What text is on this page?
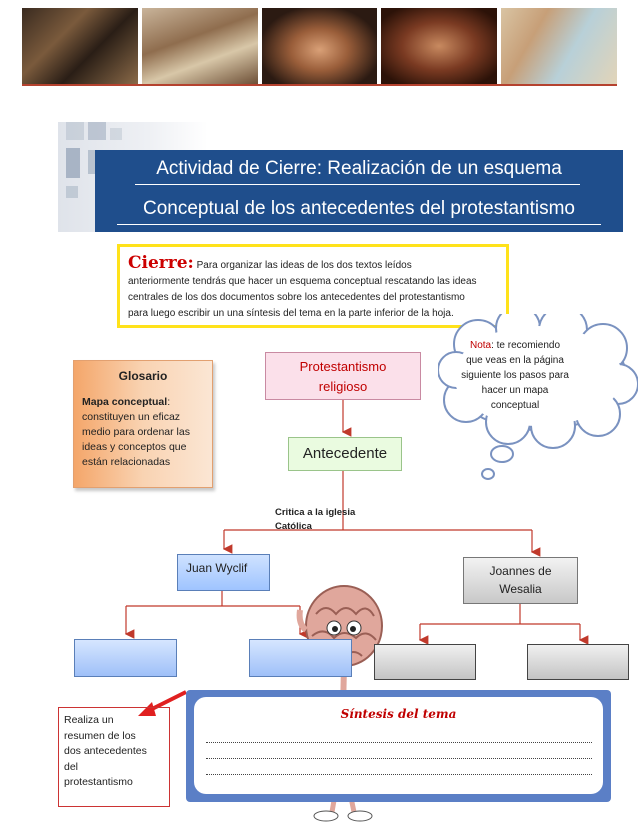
Actividad de Cierre: Realización de un esquema
Conceptual de los antecedentes del protestantismo
Cierre: Para organizar las ideas de los dos textos leídos
anteriormente tendrás que hacer un esquema conceptual rescatando las ideas
centrales de los dos documentos sobre los antecedentes del protestantismo
para luego escribir un una síntesis del tema en la parte inferior de la hoja.
Nota: te recomiendo
que veas en la página
siguiente los pasos para
hacer un mapa
conceptual
Glosario
Mapa conceptual:
constituyen un eficaz
medio para ordenar las
ideas y conceptos que
están relacionadas
Protestantismo
religioso
Antecedente
Critica a la iglesia
Católica
Juan Wyclif	Joannes de
Wesalia
Realiza un
resumen de los
dos antecedentes
del
protestantismo
Síntesis del tema
